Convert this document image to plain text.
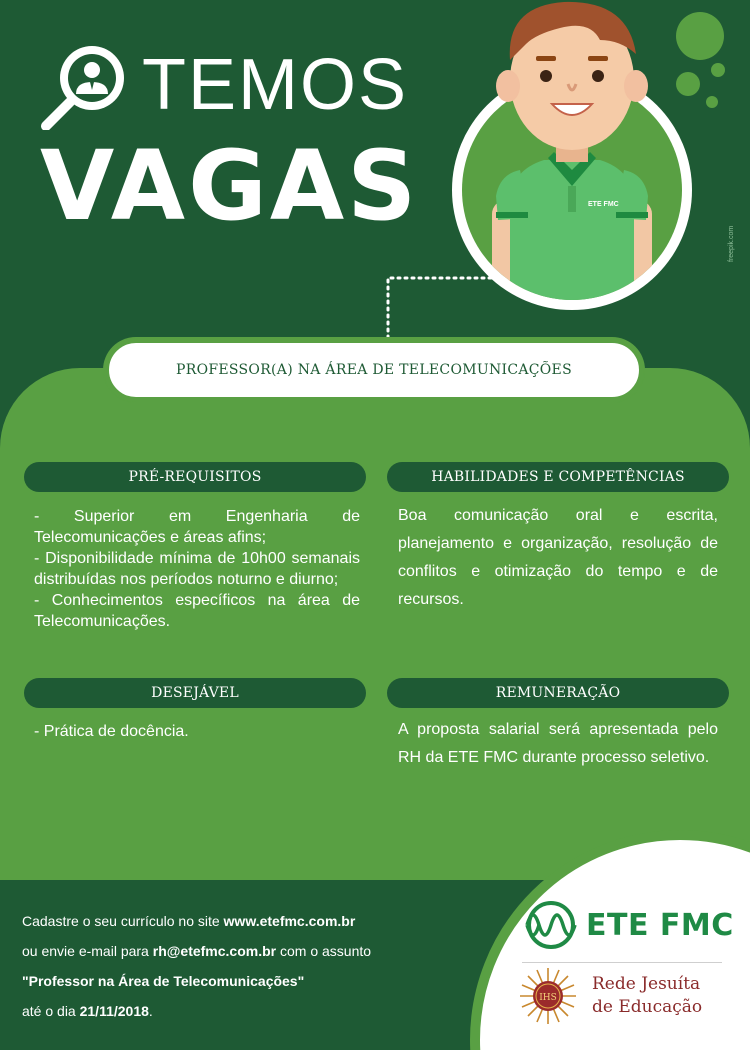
TEMOS
VAGAS	ETE FMC
freepik.com
PROFESSOR(A) NA ÁREA DE TELECOMUNICAÇÕES
PRÉ-REQUISITOS

- Superior em Engenharia de Telecomunicações e áreas afins;

- Disponibilidade mínima de 10h00 semanais distribuídas nos períodos noturno e diurno;

- Conhecimentos específicos na área de Telecomunicações.

HABILIDADES E COMPETÊNCIAS
Boa comunicação oral e escrita, planejamento e organização, resolução de conflitos e otimização do tempo e de recursos.
DESEJÁVEL
- Prática de docência.
REMUNERAÇÃO
A proposta salarial será apresentada pelo RH da ETE FMC durante processo seletivo.
Cadastre o seu currículo no site www.etefmc.com.br
ou envie e-mail para rh@etefmc.com.br com o assunto
"Professor na Área de Telecomunicações"
até o dia 21/11/2018.
ETE FMC
IHS
Rede Jesuíta
de Educação
